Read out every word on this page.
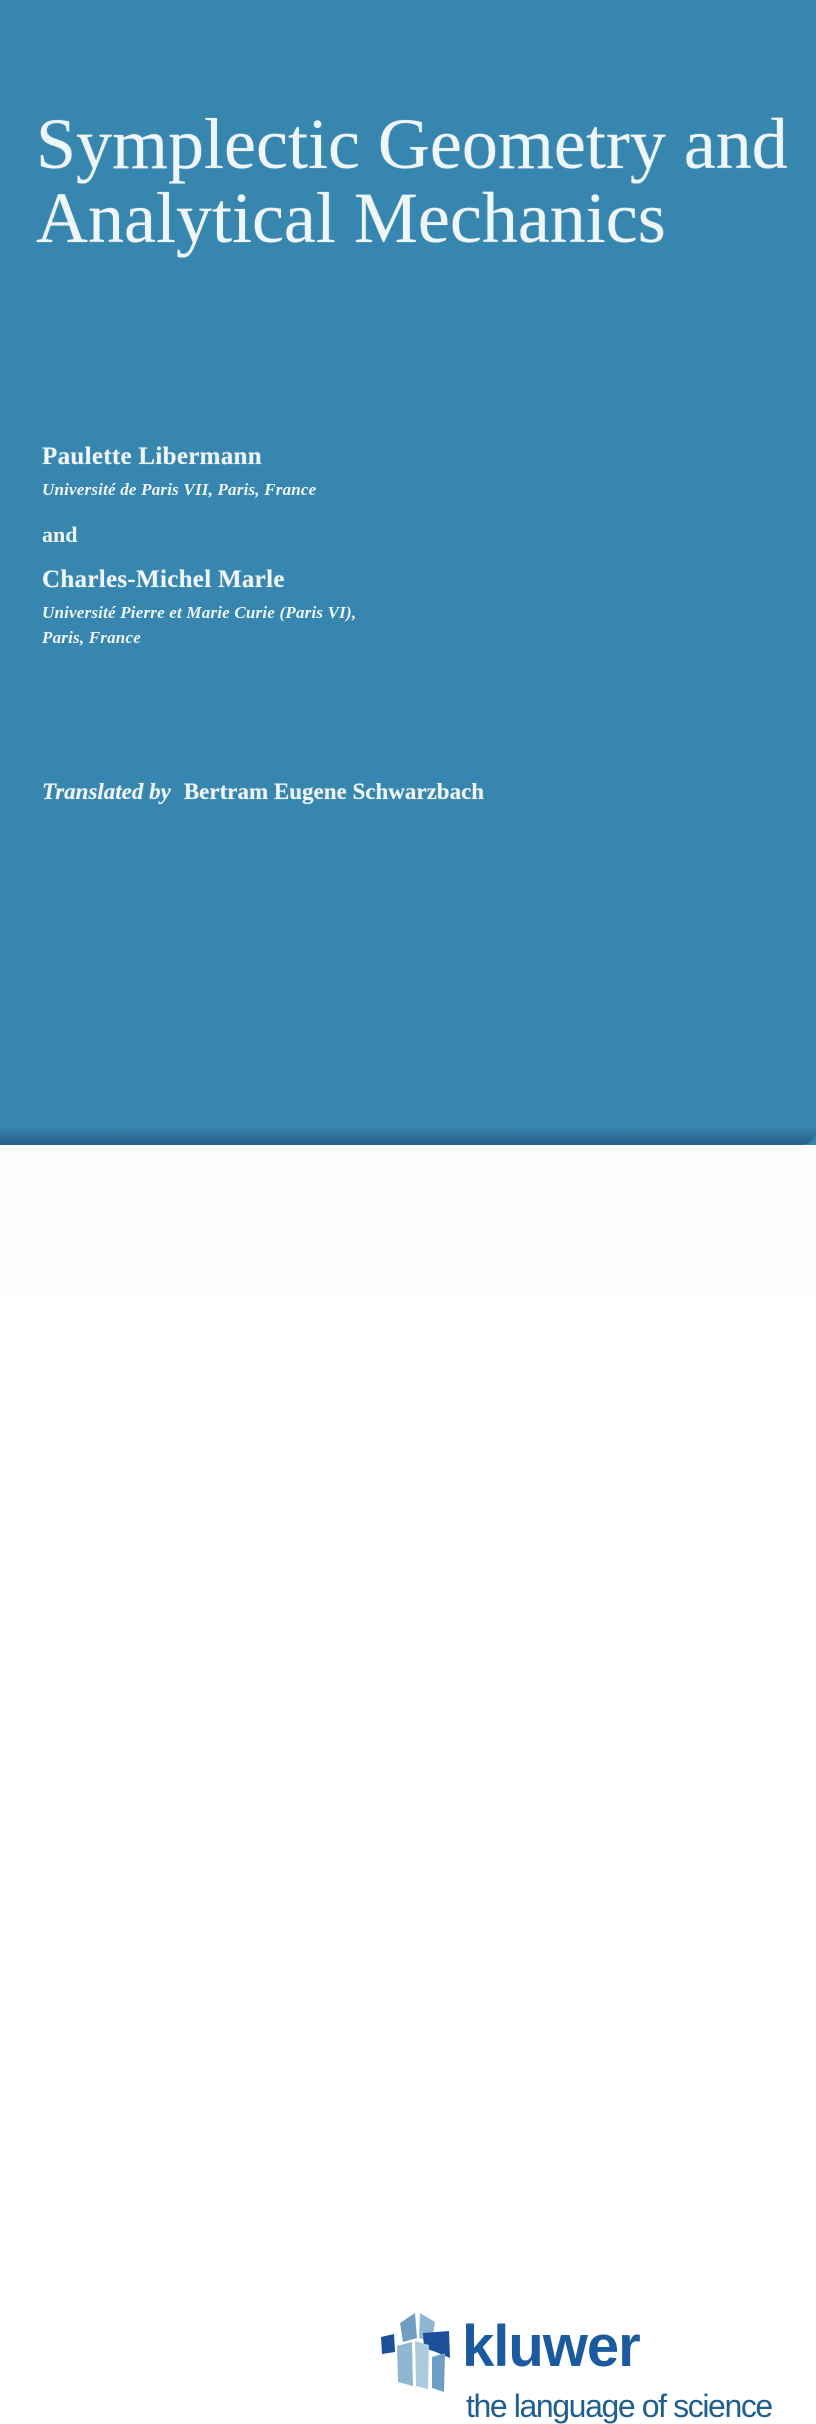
Symplectic Geometry and
Analytical Mechanics
Paulette Libermann
Université de Paris VII, Paris, France
and
Charles-Michel Marle
Université Pierre et Marie Curie (Paris VI),
Paris, France
Translated by Bertram Eugene Schwarzbach
kluwer
the language of science
